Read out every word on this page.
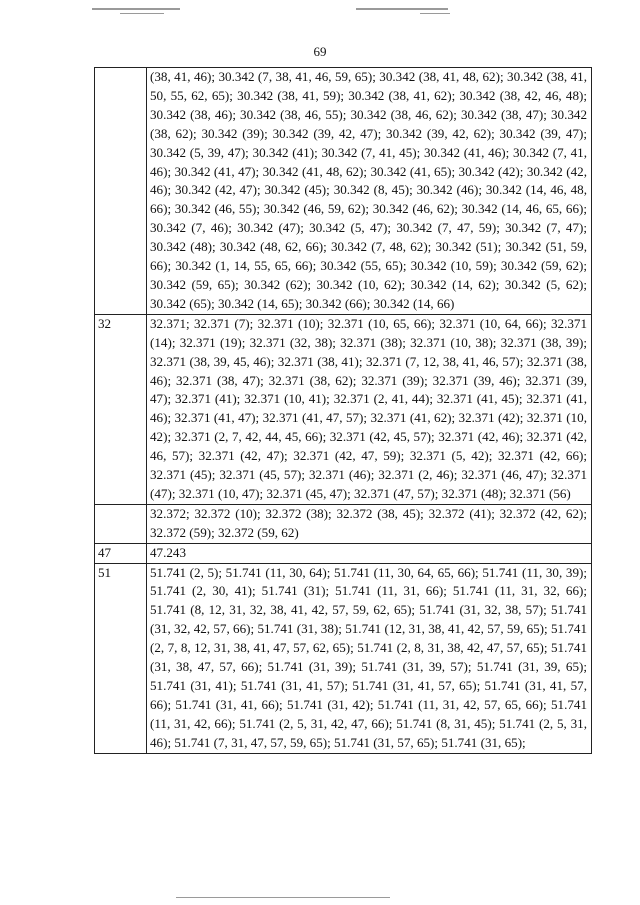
69
	(38, 41, 46); 30.342 (7, 38, 41, 46, 59, 65); 30.342 (38, 41, 48, 62); 30.342 (38, 41, 50, 55, 62, 65); 30.342 (38, 41, 59); 30.342 (38, 41, 62); 30.342 (38, 42, 46, 48); 30.342 (38, 46); 30.342 (38, 46, 55); 30.342 (38, 46, 62); 30.342 (38, 47); 30.342 (38, 62); 30.342 (39); 30.342 (39, 42, 47); 30.342 (39, 42, 62); 30.342 (39, 47); 30.342 (5, 39, 47); 30.342 (41); 30.342 (7, 41, 45); 30.342 (41, 46); 30.342 (7, 41, 46); 30.342 (41, 47); 30.342 (41, 48, 62); 30.342 (41, 65); 30.342 (42); 30.342 (42, 46); 30.342 (42, 47); 30.342 (45); 30.342 (8, 45); 30.342 (46); 30.342 (14, 46, 48, 66); 30.342 (46, 55); 30.342 (46, 59, 62); 30.342 (46, 62); 30.342 (14, 46, 65, 66); 30.342 (7, 46); 30.342 (47); 30.342 (5, 47); 30.342 (7, 47, 59); 30.342 (7, 47); 30.342 (48); 30.342 (48, 62, 66); 30.342 (7, 48, 62); 30.342 (51); 30.342 (51, 59, 66); 30.342 (1, 14, 55, 65, 66); 30.342 (55, 65); 30.342 (10, 59); 30.342 (59, 62); 30.342 (59, 65); 30.342 (62); 30.342 (10, 62); 30.342 (14, 62); 30.342 (5, 62); 30.342 (65); 30.342 (14, 65); 30.342 (66); 30.342 (14, 66)
32	32.371; 32.371 (7); 32.371 (10); 32.371 (10, 65, 66); 32.371 (10, 64, 66); 32.371 (14); 32.371 (19); 32.371 (32, 38); 32.371 (38); 32.371 (10, 38); 32.371 (38, 39); 32.371 (38, 39, 45, 46); 32.371 (38, 41); 32.371 (7, 12, 38, 41, 46, 57); 32.371 (38, 46); 32.371 (38, 47); 32.371 (38, 62); 32.371 (39); 32.371 (39, 46); 32.371 (39, 47); 32.371 (41); 32.371 (10, 41); 32.371 (2, 41, 44); 32.371 (41, 45); 32.371 (41, 46); 32.371 (41, 47); 32.371 (41, 47, 57); 32.371 (41, 62); 32.371 (42); 32.371 (10, 42); 32.371 (2, 7, 42, 44, 45, 66); 32.371 (42, 45, 57); 32.371 (42, 46); 32.371 (42, 46, 57); 32.371 (42, 47); 32.371 (42, 47, 59); 32.371 (5, 42); 32.371 (42, 66); 32.371 (45); 32.371 (45, 57); 32.371 (46); 32.371 (2, 46); 32.371 (46, 47); 32.371 (47); 32.371 (10, 47); 32.371 (45, 47); 32.371 (47, 57); 32.371 (48); 32.371 (56)
	32.372; 32.372 (10); 32.372 (38); 32.372 (38, 45); 32.372 (41); 32.372 (42, 62); 32.372 (59); 32.372 (59, 62)
47	47.243
51	51.741 (2, 5); 51.741 (11, 30, 64); 51.741 (11, 30, 64, 65, 66); 51.741 (11, 30, 39); 51.741 (2, 30, 41); 51.741 (31); 51.741 (11, 31, 66); 51.741 (11, 31, 32, 66); 51.741 (8, 12, 31, 32, 38, 41, 42, 57, 59, 62, 65); 51.741 (31, 32, 38, 57); 51.741 (31, 32, 42, 57, 66); 51.741 (31, 38); 51.741 (12, 31, 38, 41, 42, 57, 59, 65); 51.741 (2, 7, 8, 12, 31, 38, 41, 47, 57, 62, 65); 51.741 (2, 8, 31, 38, 42, 47, 57, 65); 51.741 (31, 38, 47, 57, 66); 51.741 (31, 39); 51.741 (31, 39, 57); 51.741 (31, 39, 65); 51.741 (31, 41); 51.741 (31, 41, 57); 51.741 (31, 41, 57, 65); 51.741 (31, 41, 57, 66); 51.741 (31, 41, 66); 51.741 (31, 42); 51.741 (11, 31, 42, 57, 65, 66); 51.741 (11, 31, 42, 66); 51.741 (2, 5, 31, 42, 47, 66); 51.741 (8, 31, 45); 51.741 (2, 5, 31, 46); 51.741 (7, 31, 47, 57, 59, 65); 51.741 (31, 57, 65); 51.741 (31, 65);
